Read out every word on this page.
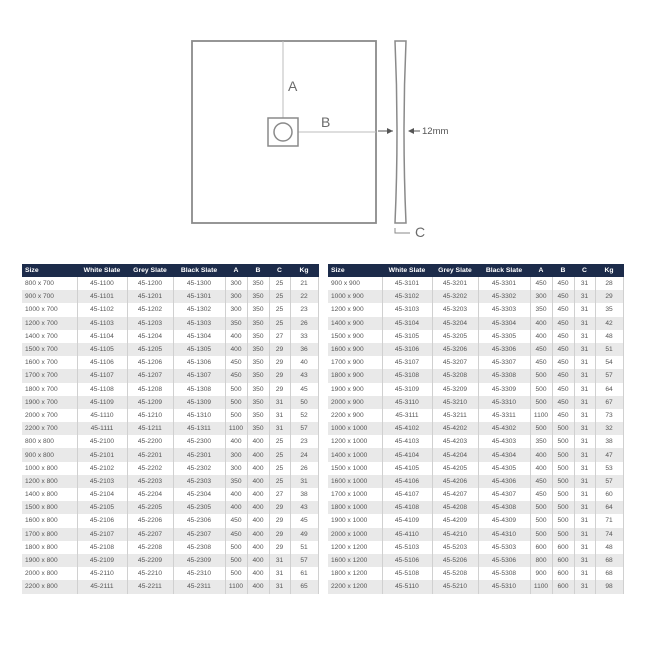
A
B
12mm
C
Size	White Slate	Grey Slate	Black Slate	A	B	C	Kg
800 x 700	45-1100	45-1200	45-1300	300	350	25	21
900 x 700	45-1101	45-1201	45-1301	300	350	25	22
1000 x 700	45-1102	45-1202	45-1302	300	350	25	23
1200 x 700	45-1103	45-1203	45-1303	350	350	25	26
1400 x 700	45-1104	45-1204	45-1304	400	350	27	33
1500 x 700	45-1105	45-1205	45-1305	400	350	29	36
1600 x 700	45-1106	45-1206	45-1306	450	350	29	40
1700 x 700	45-1107	45-1207	45-1307	450	350	29	43
1800 x 700	45-1108	45-1208	45-1308	500	350	29	45
1900 x 700	45-1109	45-1209	45-1309	500	350	31	50
2000 x 700	45-1110	45-1210	45-1310	500	350	31	52
2200 x 700	45-1111	45-1211	45-1311	1100	350	31	57
800 x 800	45-2100	45-2200	45-2300	400	400	25	23
900 x 800	45-2101	45-2201	45-2301	300	400	25	24
1000 x 800	45-2102	45-2202	45-2302	300	400	25	26
1200 x 800	45-2103	45-2203	45-2303	350	400	25	31
1400 x 800	45-2104	45-2204	45-2304	400	400	27	38
1500 x 800	45-2105	45-2205	45-2305	400	400	29	43
1600 x 800	45-2106	45-2206	45-2306	450	400	29	45
1700 x 800	45-2107	45-2207	45-2307	450	400	29	49
1800 x 800	45-2108	45-2208	45-2308	500	400	29	51
1900 x 800	45-2109	45-2209	45-2309	500	400	31	57
2000 x 800	45-2110	45-2210	45-2310	500	400	31	61
2200 x 800	45-2111	45-2211	45-2311	1100	400	31	65
Size	White Slate	Grey Slate	Black Slate	A	B	C	Kg
900 x 900	45-3101	45-3201	45-3301	450	450	31	28
1000 x 900	45-3102	45-3202	45-3302	300	450	31	29
1200 x 900	45-3103	45-3203	45-3303	350	450	31	35
1400 x 900	45-3104	45-3204	45-3304	400	450	31	42
1500 x 900	45-3105	45-3205	45-3305	400	450	31	48
1600 x 900	45-3106	45-3206	45-3306	450	450	31	51
1700 x 900	45-3107	45-3207	45-3307	450	450	31	54
1800 x 900	45-3108	45-3208	45-3308	500	450	31	57
1900 x 900	45-3109	45-3209	45-3309	500	450	31	64
2000 x 900	45-3110	45-3210	45-3310	500	450	31	67
2200 x 900	45-3111	45-3211	45-3311	1100	450	31	73
1000 x 1000	45-4102	45-4202	45-4302	500	500	31	32
1200 x 1000	45-4103	45-4203	45-4303	350	500	31	38
1400 x 1000	45-4104	45-4204	45-4304	400	500	31	47
1500 x 1000	45-4105	45-4205	45-4305	400	500	31	53
1600 x 1000	45-4106	45-4206	45-4306	450	500	31	57
1700 x 1000	45-4107	45-4207	45-4307	450	500	31	60
1800 x 1000	45-4108	45-4208	45-4308	500	500	31	64
1900 x 1000	45-4109	45-4209	45-4309	500	500	31	71
2000 x 1000	45-4110	45-4210	45-4310	500	500	31	74
1200 x 1200	45-5103	45-5203	45-5303	600	600	31	48
1600 x 1200	45-5106	45-5206	45-5306	800	600	31	68
1800 x 1200	45-5108	45-5208	45-5308	900	600	31	68
2200 x 1200	45-5110	45-5210	45-5310	1100	600	31	98
